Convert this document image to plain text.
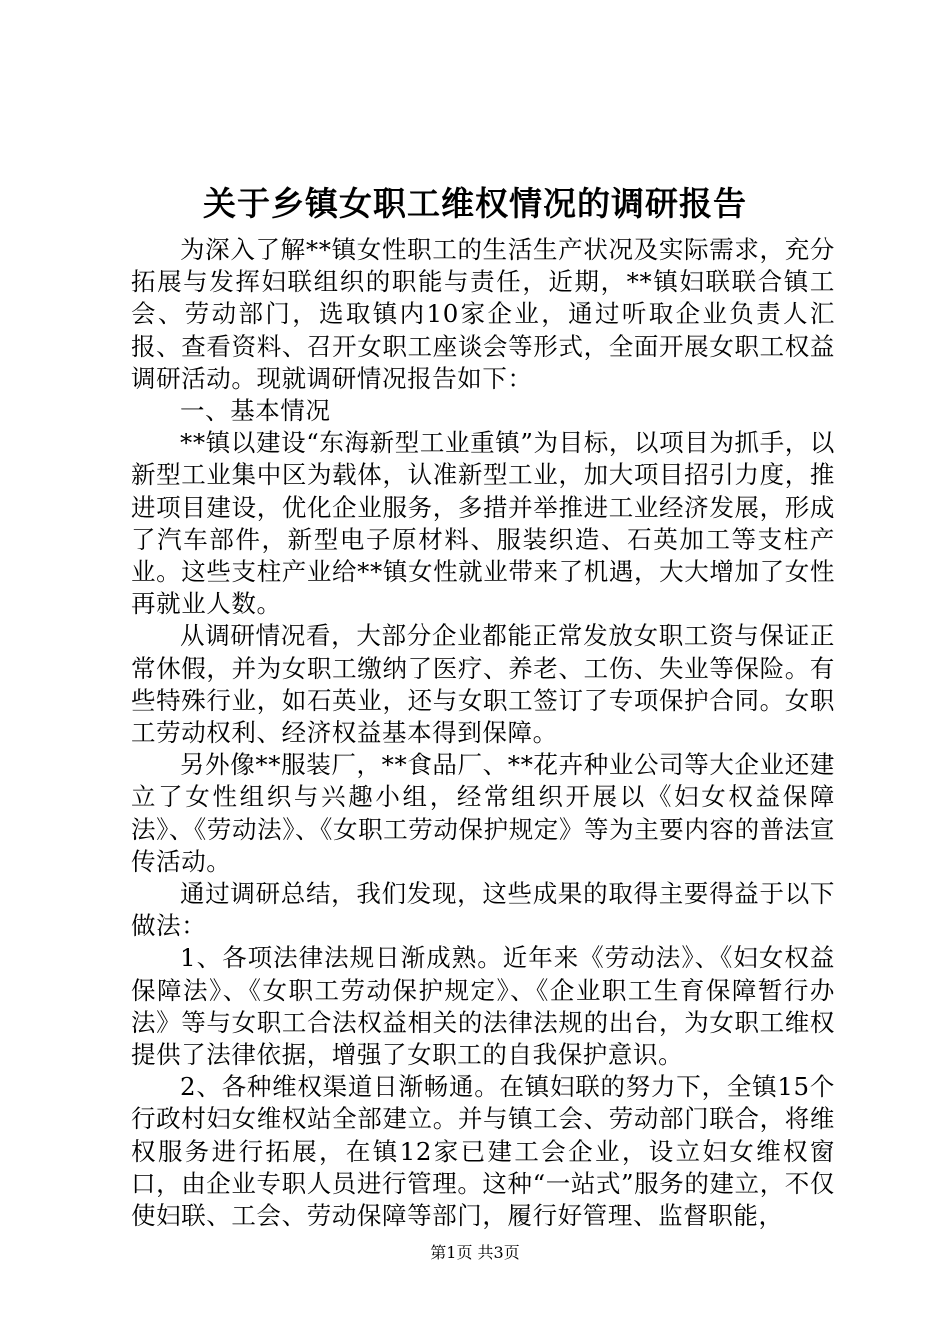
关于乡镇女职工维权情况的调研报告

为深入了解**镇女性职工的生活生产状况及实际需求，充分拓展与发挥妇联组织的职能与责任，近期，**镇妇联联合镇工会、劳动部门，选取镇内10家企业，通过听取企业负责人汇报、查看资料、召开女职工座谈会等形式，全面开展女职工权益调研活动。现就调研情况报告如下：

一、基本情况

**镇以建设“东海新型工业重镇”为目标，以项目为抓手，以新型工业集中区为载体，认准新型工业，加大项目招引力度，推进项目建设，优化企业服务，多措并举推进工业经济发展，形成了汽车部件，新型电子原材料、服装织造、石英加工等支柱产业。这些支柱产业给**镇女性就业带来了机遇，大大增加了女性再就业人数。

从调研情况看，大部分企业都能正常发放女职工资与保证正常休假，并为女职工缴纳了医疗、养老、工伤、失业等保险。有些特殊行业，如石英业，还与女职工签订了专项保护合同。女职工劳动权利、经济权益基本得到保障。

另外像**服装厂，**食品厂、**花卉种业公司等大企业还建立了女性组织与兴趣小组，经常组织开展以《妇女权益保障法》、《劳动法》、《女职工劳动保护规定》等为主要内容的普法宣传活动。

通过调研总结，我们发现，这些成果的取得主要得益于以下做法：

1、各项法律法规日渐成熟。近年来《劳动法》、《妇女权益保障法》、《女职工劳动保护规定》、《企业职工生育保障暂行办法》等与女职工合法权益相关的法律法规的出台，为女职工维权提供了法律依据，增强了女职工的自我保护意识。

2、各种维权渠道日渐畅通。在镇妇联的努力下，全镇15个行政村妇女维权站全部建立。并与镇工会、劳动部门联合，将维权服务进行拓展，在镇12家已建工会企业，设立妇女维权窗口，由企业专职人员进行管理。这种“一站式”服务的建立，不仅使妇联、工会、劳动保障等部门，履行好管理、监督职能，

第1页 共3页
